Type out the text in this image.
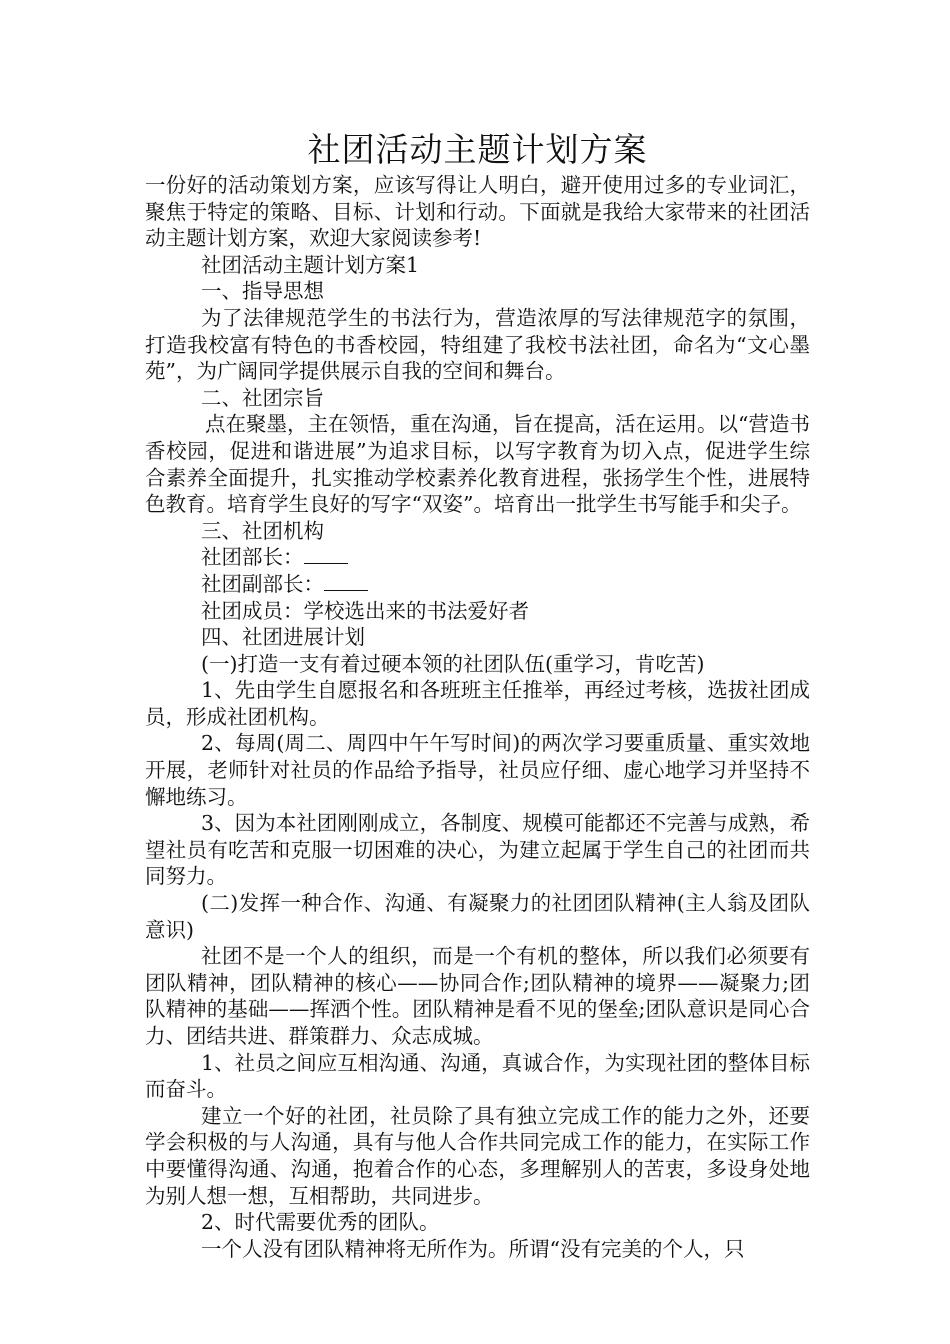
社团活动主题计划方案

一份好的活动策划方案，应该写得让人明白，避开使用过多的专业词汇，聚焦于特定的策略、目标、计划和行动。下面就是我给大家带来的社团活动主题计划方案，欢迎大家阅读参考!

社团活动主题计划方案1

一、指导思想

为了法律规范学生的书法行为，营造浓厚的写法律规范字的氛围，打造我校富有特色的书香校园，特组建了我校书法社团，命名为“文心墨苑”，为广阔同学提供展示自我的空间和舞台。

二、社团宗旨

点在聚墨，主在领悟，重在沟通，旨在提高，活在运用。以“营造书香校园，促进和谐进展”为追求目标，以写字教育为切入点，促进学生综合素养全面提升，扎实推动学校素养化教育进程，张扬学生个性，进展特色教育。培育学生良好的写字“双姿”。培育出一批学生书写能手和尖子。

三、社团机构

社团部长：

社团副部长：

社团成员：学校选出来的书法爱好者

四、社团进展计划

(一)打造一支有着过硬本领的社团队伍(重学习，肯吃苦)

1、先由学生自愿报名和各班班主任推举，再经过考核，选拔社团成员，形成社团机构。

2、每周(周二、周四中午午写时间)的两次学习要重质量、重实效地开展，老师针对社员的作品给予指导，社员应仔细、虚心地学习并坚持不懈地练习。

3、因为本社团刚刚成立，各制度、规模可能都还不完善与成熟，希望社员有吃苦和克服一切困难的决心，为建立起属于学生自己的社团而共同努力。

(二)发挥一种合作、沟通、有凝聚力的社团团队精神(主人翁及团队意识)

社团不是一个人的组织，而是一个有机的整体，所以我们必须要有团队精神，团队精神的核心——协同合作;团队精神的境界——凝聚力;团队精神的基础——挥洒个性。团队精神是看不见的堡垒;团队意识是同心合力、团结共进、群策群力、众志成城。

1、社员之间应互相沟通、沟通，真诚合作，为实现社团的整体目标而奋斗。

建立一个好的社团，社员除了具有独立完成工作的能力之外，还要学会积极的与人沟通，具有与他人合作共同完成工作的能力，在实际工作中要懂得沟通、沟通，抱着合作的心态，多理解别人的苦衷，多设身处地为别人想一想，互相帮助，共同进步。

2、时代需要优秀的团队。

一个人没有团队精神将无所作为。所谓“没有完美的个人，只
